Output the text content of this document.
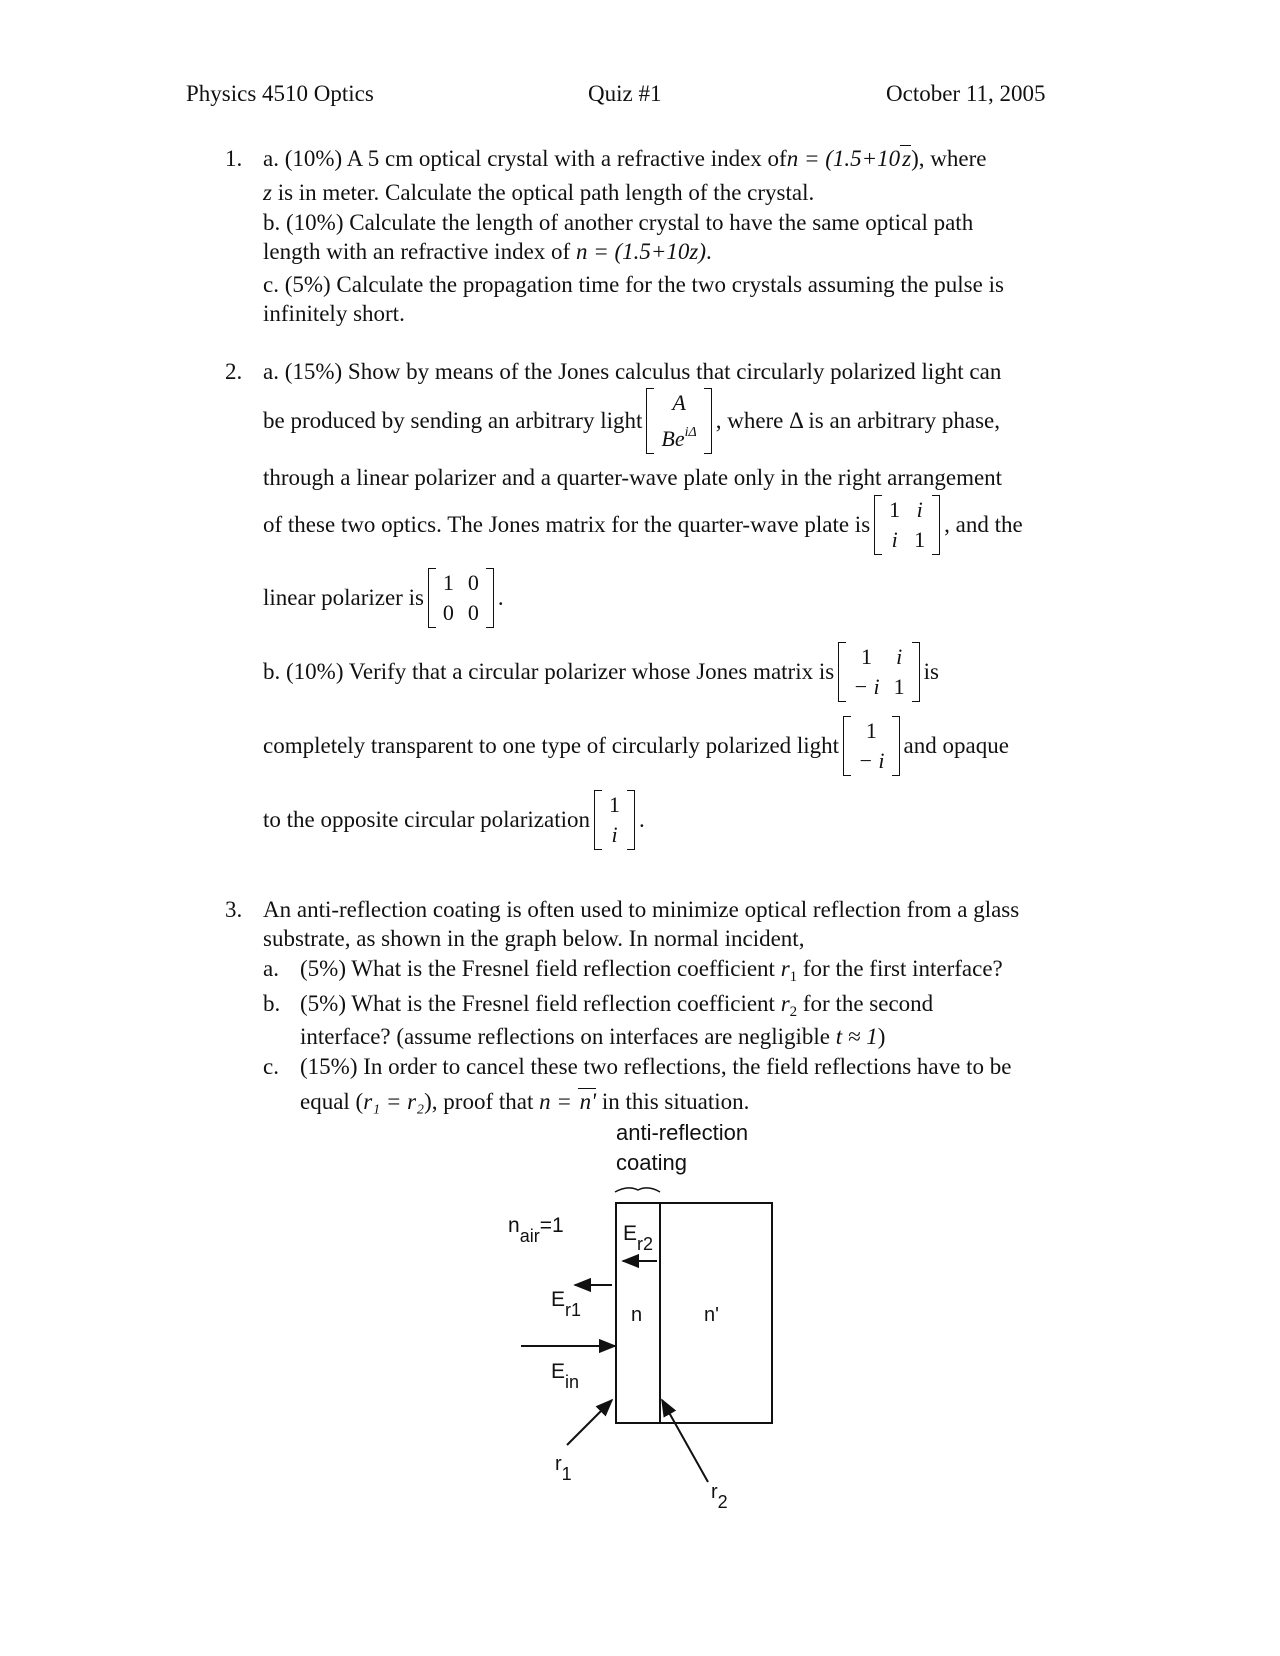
Physics 4510 Optics	Quiz #1	October 11, 2005
1. a. (10%) A 5 cm optical crystal with a refractive index ofn = (1.5+10z), where
z is in meter. Calculate the optical path length of the crystal.
b. (10%) Calculate the length of another crystal to have the same optical path
length with an refractive index of n = (1.5+10z).
c. (5%) Calculate the propagation time for the two crystals assuming the pulse is
infinitely short.
2. a. (15%) Show by means of the Jones calculus that circularly polarized light can
be produced by sending an arbitrary light
A
$Be^{i\Delta}$ , where Δ is an arbitrary phase,
through a linear polarizer and a quarter-wave plate only in the right arrangement
of these two optics. The Jones matrix for the quarter-wave plate is
1	i
i	1
, and the
linear polarizer is
1	0
0	0
.
b. (10%) Verify that a circular polarizer whose Jones matrix is
1	i
− i	1
is
completely transparent to one type of circularly polarized light
1
− i
and opaque
to the opposite circular polarization
1
i
.
3. An anti-reflection coating is often used to minimize optical reflection from a glass
substrate, as shown in the graph below. In normal incident,
a. (5%) What is the Fresnel field reflection coefficient $r_1$ for the first interface?
b. (5%) What is the Fresnel field reflection coefficient $r_2$ for the second
interface? (assume reflections on interfaces are negligible t ≈ 1)
c. (15%) In order to cancel these two reflections, the field reflections have to be
equal (r₁ = r₂), proof that n = n' in this situation.
anti-reflection
coating
nair=1	Er2
Er1 n	n'
Ein
r1
r2
